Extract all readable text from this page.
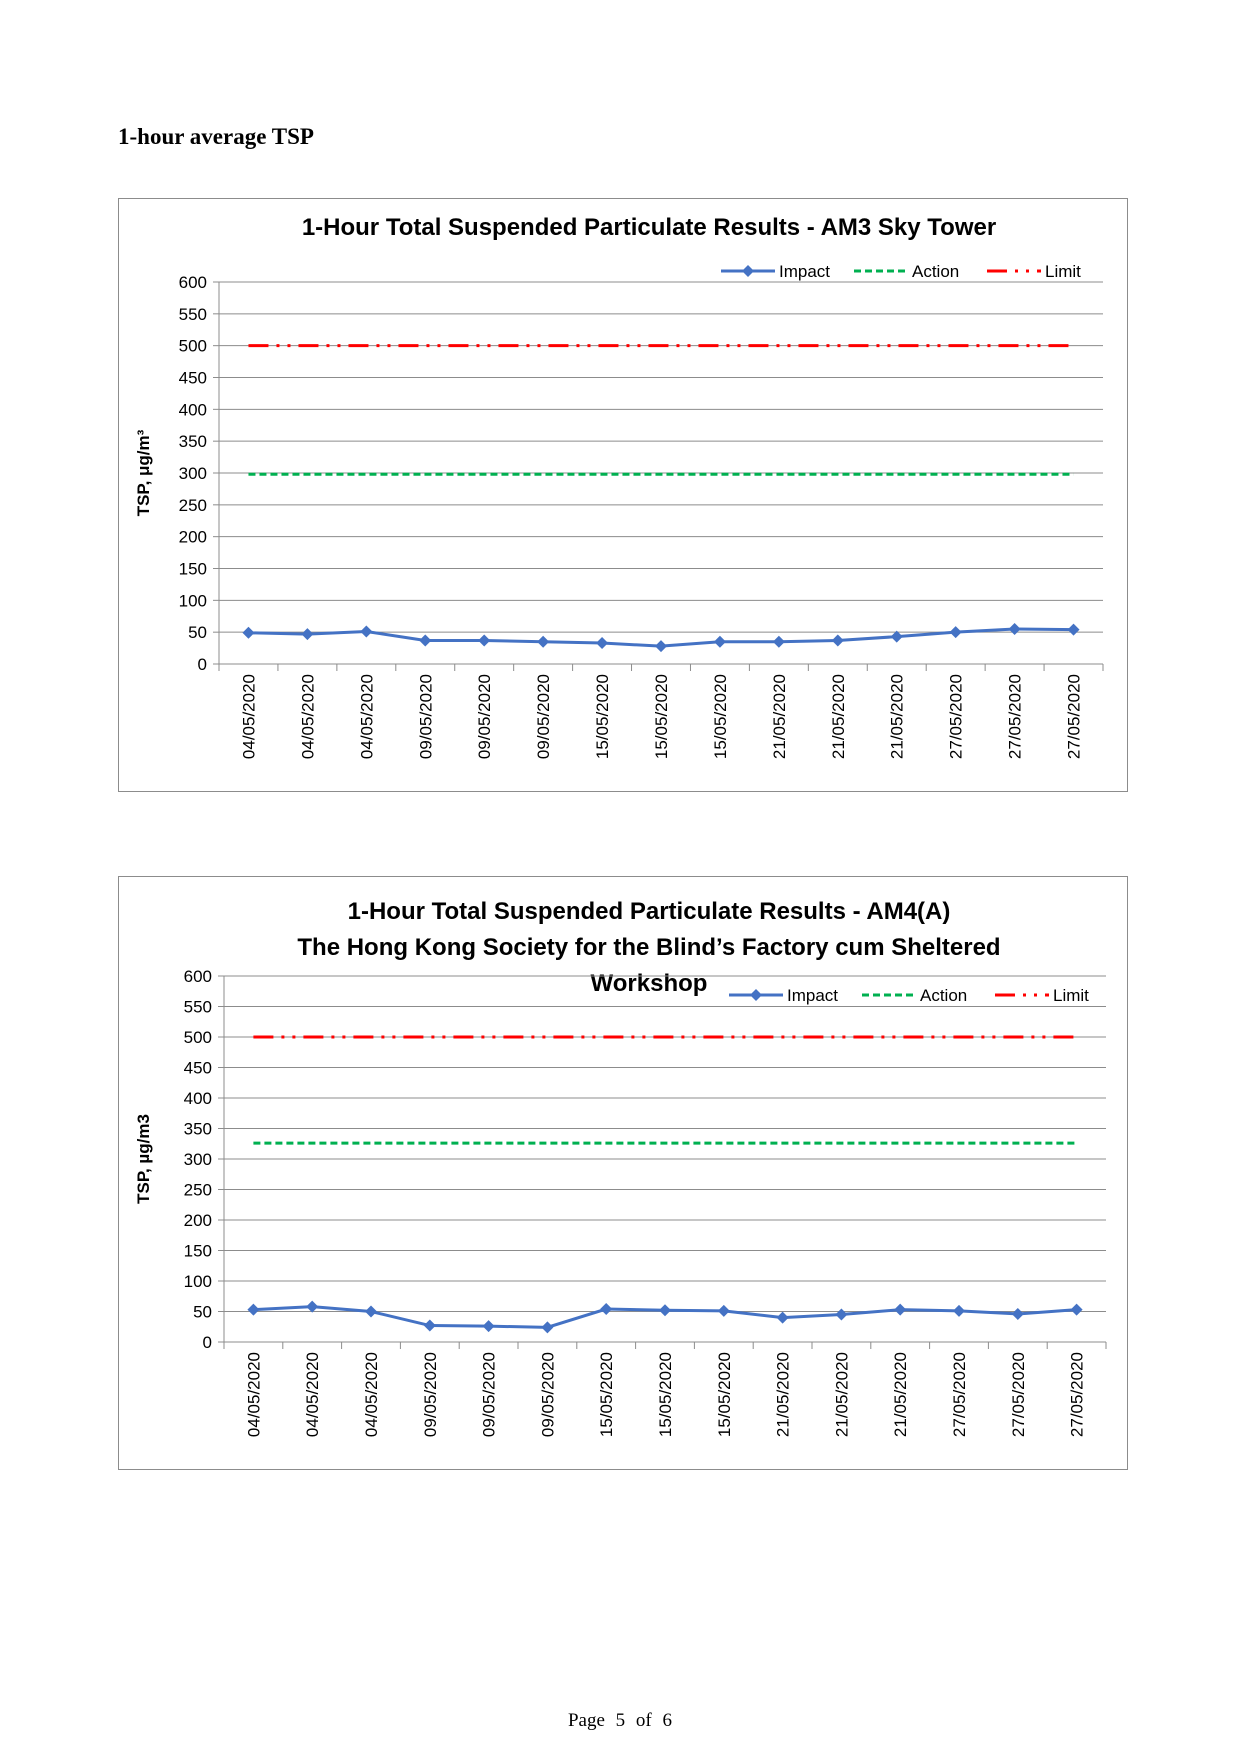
1-hour average TSP
1-Hour Total Suspended Particulate Results - AM3 Sky Tower
0
50
100
150
200
250
300
350
400
450
500
550
600
TSP, μg/m³
04/05/2020 04/05/2020 04/05/2020 09/05/2020 09/05/2020 09/05/2020 15/05/2020 15/05/2020 15/05/2020 21/05/2020 21/05/2020 21/05/2020 27/05/2020 27/05/2020 27/05/2020
Impact	Action	Limit
1-Hour Total Suspended Particulate Results - AM4(A)
The Hong Kong Society for the Blind’s Factory cum Sheltered Workshop
0
50
100
150
200
250
300
350
400
450
500
550
600
TSP, µg/m3
04/05/2020 04/05/2020 04/05/2020 09/05/2020 09/05/2020 09/05/2020 15/05/2020 15/05/2020 15/05/2020 21/05/2020 21/05/2020 21/05/2020 27/05/2020 27/05/2020 27/05/2020
Impact	Action	Limit
Page 5 of 6
